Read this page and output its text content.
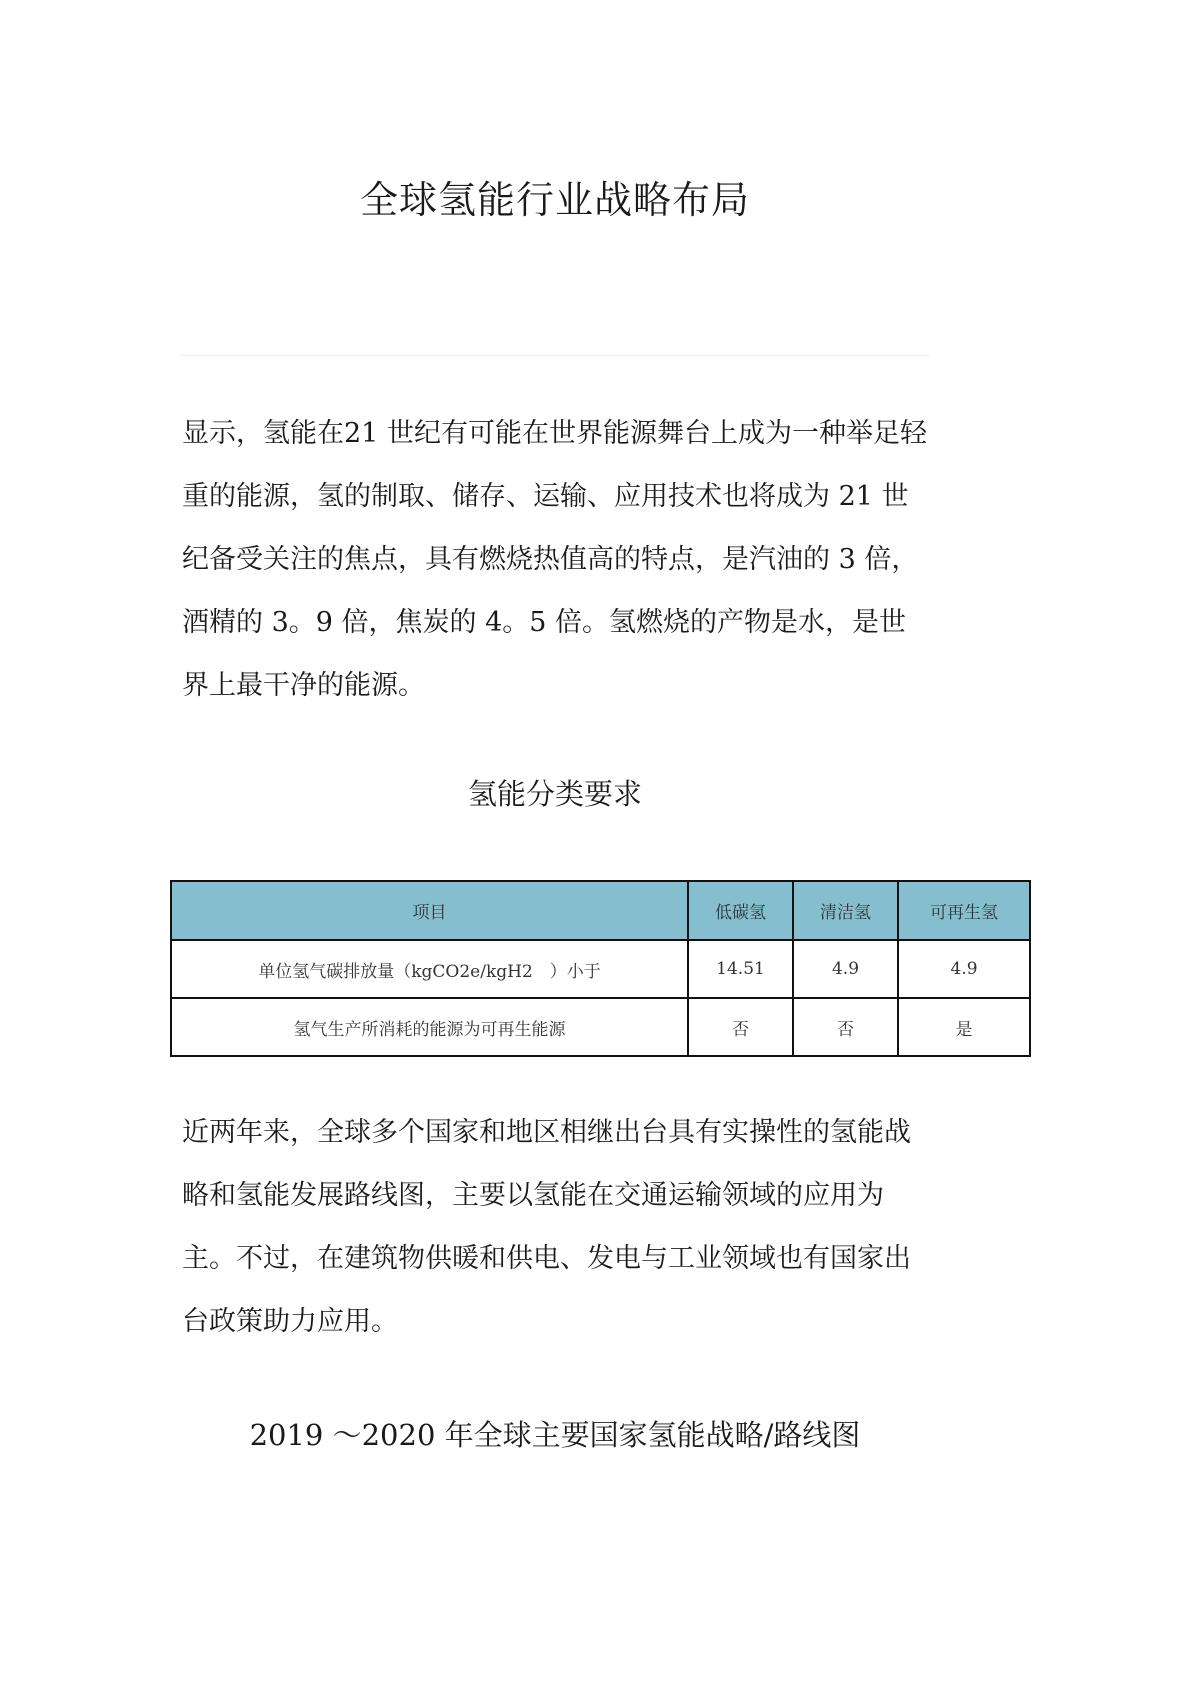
全球氢能行业战略布局

显示，氢能在21 世纪有可能在世界能源舞台上成为一种举足轻重的能源，氢的制取、储存、运输、应用技术也将成为 21 世纪备受关注的焦点，具有燃烧热值高的特点，是汽油的 3 倍，酒精的 3。9 倍，焦炭的 4。5 倍。氢燃烧的产物是水，是世界上最干净的能源。

氢能分类要求
项目	低碳氢	清洁氢	可再生氢
单位氢气碳排放量（kgCO2e/kgH2　）小于	14.51	4.9	4.9
氢气生产所消耗的能源为可再生能源	否	否	是

近两年来，全球多个国家和地区相继出台具有实操性的氢能战略和氢能发展路线图，主要以氢能在交通运输领域的应用为主。不过，在建筑物供暖和供电、发电与工业领域也有国家出台政策助力应用。

2019 ～2020 年全球主要国家氢能战略/路线图
